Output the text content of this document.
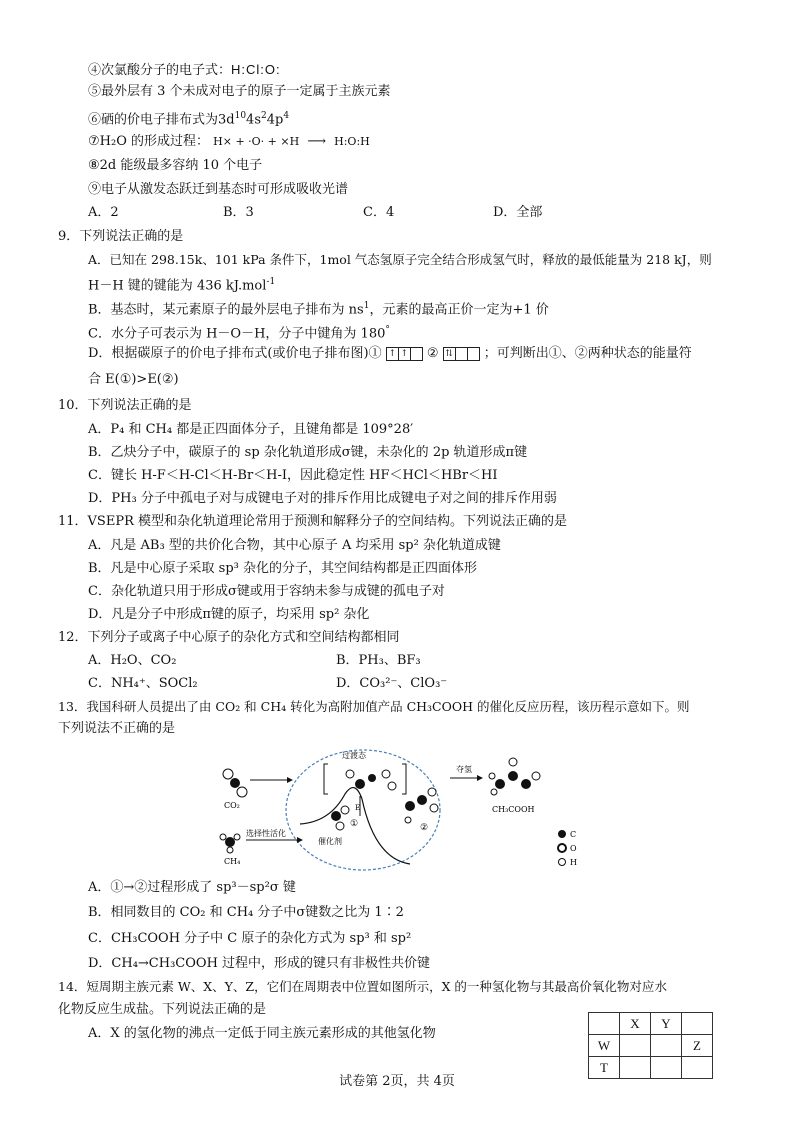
④次氯酸分子的电子式：H:Cl:O:
⑤最外层有 3 个未成对电子的原子一定属于主族元素
⑥硒的价电子排布式为$3d^{10}4s^24p^4$
⑦H₂O 的形成过程： H× + ·O· + ×H ⟶ H:O:H
⑧2d 能级最多容纳 10 个电子
⑨电子从激发态跃迁到基态时可形成吸收光谱
A．2	B．3	C．4	D．全部
9．下列说法正确的是
A．已知在 298.15k、101 kPa 条件下，1mol 气态氢原子完全结合形成氢气时，释放的最低能量为 218 kJ，则
H－H 键的键能为 436 kJ.mol$^{-1}$
B．基态时，某元素原子的最外层电子排布为 $ns^1$，元素的最高正价一定为+1 价
C．水分子可表示为 H－O－H，分子中键角为 180°
D．根据碳原子的价电子排布式(或价电子排布图)① ↑ ↑ ② ⇅ ；可判断出①、②两种状态的能量符
合 E(①)>E(②)
10．下列说法正确的是
A．P₄ 和 CH₄ 都是正四面体分子，且键角都是 109°28′
B．乙炔分子中，碳原子的 sp 杂化轨道形成σ键，未杂化的 2p 轨道形成π键
C．键长 H-F＜H-Cl＜H-Br＜H-I，因此稳定性 HF＜HCl＜HBr＜HI
D．PH₃ 分子中孤电子对与成键电子对的排斥作用比成键电子对之间的排斥作用弱
11．VSEPR 模型和杂化轨道理论常用于预测和解释分子的空间结构。下列说法正确的是
A．凡是 AB₃ 型的共价化合物，其中心原子 A 均采用 sp² 杂化轨道成键
B．凡是中心原子采取 sp³ 杂化的分子，其空间结构都是正四面体形
C．杂化轨道只用于形成σ键或用于容纳未参与成键的孤电子对
D．凡是分子中形成π键的原子，均采用 sp² 杂化
12．下列分子或离子中心原子的杂化方式和空间结构都相同
A．H₂O、CO₂	B．PH₃、BF₃
C．NH₄⁺、SOCl₂	D．CO₃²⁻、ClO₃⁻
13．我国科研人员提出了由 CO₂ 和 CH₄ 转化为高附加值产品 CH₃COOH 的催化反应历程，该历程示意如下。则
下列说法不正确的是
CO₂
CH₄
选择性活化
过渡态
E
①
催化剂
②
夺氢
CH₃COOH
C
O
H
A．①→②过程形成了 sp³－sp²σ 键
B．相同数目的 CO₂ 和 CH₄ 分子中σ键数之比为 1∶2
C．CH₃COOH 分子中 C 原子的杂化方式为 sp³ 和 sp²
D．CH₄→CH₃COOH 过程中，形成的键只有非极性共价键
14．短周期主族元素 W、X、Y、Z，它们在周期表中位置如图所示，X 的一种氢化物与其最高价氧化物对应水
化物反应生成盐。下列说法正确的是
A．X 的氢化物的沸点一定低于同主族元素形成的其他氢化物
	X	Y	
W			Z
T			
试卷第 2页，共 4页
